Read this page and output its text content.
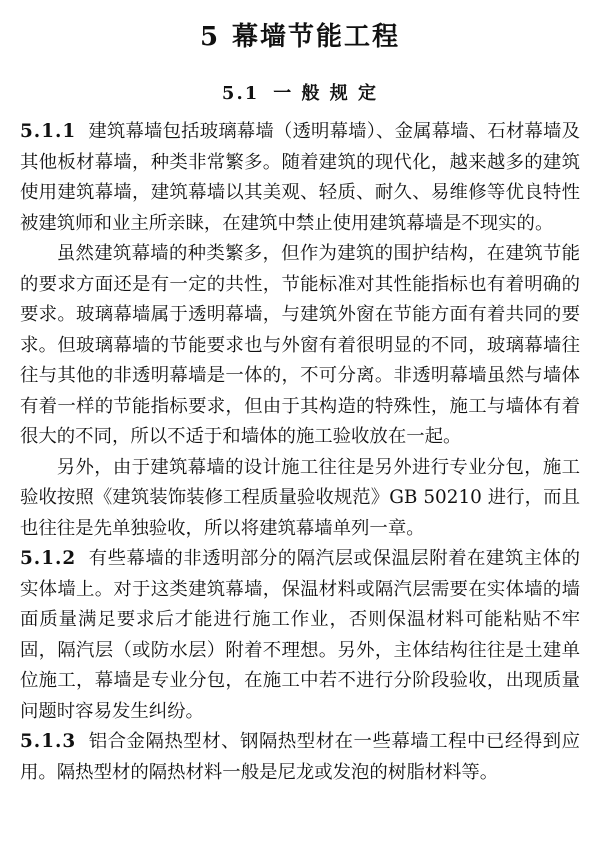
5 幕墙节能工程
5.1 一 般 规 定

5.1.1 建筑幕墙包括玻璃幕墙（透明幕墙）、金属幕墙、石材幕墙及其他板材幕墙，种类非常繁多。随着建筑的现代化，越来越多的建筑使用建筑幕墙，建筑幕墙以其美观、轻质、耐久、易维修等优良特性被建筑师和业主所亲睐，在建筑中禁止使用建筑幕墙是不现实的。

虽然建筑幕墙的种类繁多，但作为建筑的围护结构，在建筑节能的要求方面还是有一定的共性，节能标准对其性能指标也有着明确的要求。玻璃幕墙属于透明幕墙，与建筑外窗在节能方面有着共同的要求。但玻璃幕墙的节能要求也与外窗有着很明显的不同，玻璃幕墙往往与其他的非透明幕墙是一体的，不可分离。非透明幕墙虽然与墙体有着一样的节能指标要求，但由于其构造的特殊性，施工与墙体有着很大的不同，所以不适于和墙体的施工验收放在一起。

另外，由于建筑幕墙的设计施工往往是另外进行专业分包，施工验收按照《建筑装饰装修工程质量验收规范》GB 50210 进行，而且也往往是先单独验收，所以将建筑幕墙单列一章。

5.1.2 有些幕墙的非透明部分的隔汽层或保温层附着在建筑主体的实体墙上。对于这类建筑幕墙，保温材料或隔汽层需要在实体墙的墙面质量满足要求后才能进行施工作业，否则保温材料可能粘贴不牢固，隔汽层（或防水层）附着不理想。另外，主体结构往往是土建单位施工，幕墙是专业分包，在施工中若不进行分阶段验收，出现质量问题时容易发生纠纷。

5.1.3 铝合金隔热型材、钢隔热型材在一些幕墙工程中已经得到应用。隔热型材的隔热材料一般是尼龙或发泡的树脂材料等。
